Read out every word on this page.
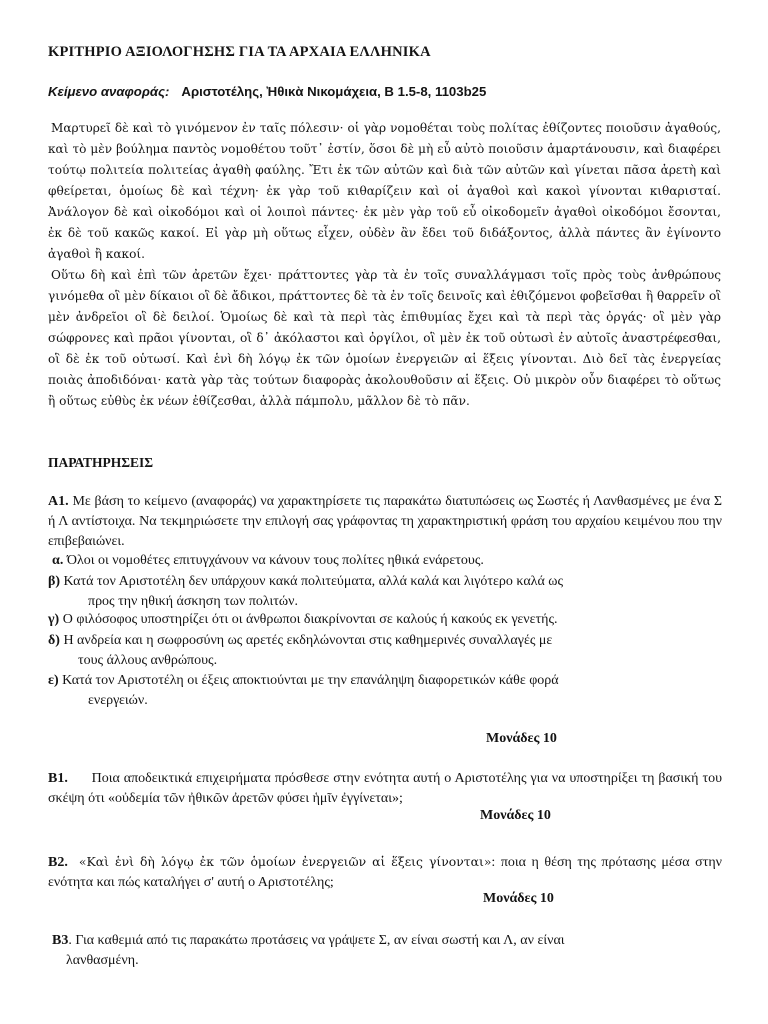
ΚΡΙΤΗΡΙΟ ΑΞΙΟΛΟΓΗΣΗΣ ΓΙΑ ΤΑ ΑΡΧΑΙΑ ΕΛΛΗΝΙΚΑ
Κείμενο αναφοράς: Αριστοτέλης, Ἠθικὰ Νικομάχεια, Β 1.5-8, 1103b25

Μαρτυρεῖ δὲ καὶ τὸ γινόμενον ἐν ταῖς πόλεσιν· οἱ γὰρ νομοθέται τοὺς πολίτας ἐθίζοντες ποιοῦσιν ἀγαθούς, καὶ τὸ μὲν βούλημα παντὸς νομοθέτου τοῦτ᾽ ἐστίν, ὅσοι δὲ μὴ εὖ αὐτὸ ποιοῦσιν ἁμαρτάνουσιν, καὶ διαφέρει τούτῳ πολιτεία πολιτείας ἀγαθὴ φαύλης. Ἔτι ἐκ τῶν αὐτῶν καὶ διὰ τῶν αὐτῶν καὶ γίνεται πᾶσα ἀρετὴ καὶ φθείρεται, ὁμοίως δὲ καὶ τέχνη· ἐκ γὰρ τοῦ κιθαρίζειν καὶ οἱ ἀγαθοὶ καὶ κακοὶ γίνονται κιθαρισταί. Ἀνάλογον δὲ καὶ οἰκοδόμοι καὶ οἱ λοιποὶ πάντες· ἐκ μὲν γὰρ τοῦ εὖ οἰκοδομεῖν ἀγαθοὶ οἰκοδόμοι ἔσονται, ἐκ δὲ τοῦ κακῶς κακοί. Εἰ γὰρ μὴ οὕτως εἶχεν, οὐδὲν ἂν ἔδει τοῦ διδάξοντος, ἀλλὰ πάντες ἂν ἐγίνοντο ἀγαθοὶ ἢ κακοί.

Οὕτω δὴ καὶ ἐπὶ τῶν ἀρετῶν ἔχει· πράττοντες γὰρ τὰ ἐν τοῖς συναλλάγμασι τοῖς πρὸς τοὺς ἀνθρώπους γινόμεθα οἳ μὲν δίκαιοι οἳ δὲ ἄδικοι, πράττοντες δὲ τὰ ἐν τοῖς δεινοῖς καὶ ἐθιζόμενοι φοβεῖσθαι ἢ θαρρεῖν οἳ μὲν ἀνδρεῖοι οἳ δὲ δειλοί. Ὁμοίως δὲ καὶ τὰ περὶ τὰς ἐπιθυμίας ἔχει καὶ τὰ περὶ τὰς ὀργάς· οἳ μὲν γὰρ σώφρονες καὶ πρᾶοι γίνονται, οἳ δ᾽ ἀκόλαστοι καὶ ὀργίλοι, οἳ μὲν ἐκ τοῦ οὑτωσὶ ἐν αὐτοῖς ἀναστρέφεσθαι, οἳ δὲ ἐκ τοῦ οὑτωσί. Καὶ ἑνὶ δὴ λόγῳ ἐκ τῶν ὁμοίων ἐνεργειῶν αἱ ἕξεις γίνονται. Διὸ δεῖ τὰς ἐνεργείας ποιὰς ἀποδιδόναι· κατὰ γὰρ τὰς τούτων διαφορὰς ἀκολουθοῦσιν αἱ ἕξεις. Οὐ μικρὸν οὖν διαφέρει τὸ οὕτως ἢ οὕτως εὐθὺς ἐκ νέων ἐθίζεσθαι, ἀλλὰ πάμπολυ, μᾶλλον δὲ τὸ πᾶν.

ΠΑΡΑΤΗΡΗΣΕΙΣ
Α1. Με βάση το κείμενο (αναφοράς) να χαρακτηρίσετε τις παρακάτω διατυπώσεις ως Σωστές ή Λανθασμένες με ένα Σ ή Λ αντίστοιχα. Να τεκμηριώσετε την επιλογή σας γράφοντας τη χαρακτηριστική φράση του αρχαίου κειμένου που την επιβεβαιώνει.
α. Όλοι οι νομοθέτες επιτυγχάνουν να κάνουν τους πολίτες ηθικά ενάρετους.
β) Κατά τον Αριστοτέλη δεν υπάρχουν κακά πολιτεύματα, αλλά καλά και λιγότερο καλά ως
προς την ηθική άσκηση των πολιτών.
γ) Ο φιλόσοφος υποστηρίζει ότι οι άνθρωποι διακρίνονται σε καλούς ή κακούς εκ γενετής.
δ) Η ανδρεία και η σωφροσύνη ως αρετές εκδηλώνονται στις καθημερινές συναλλαγές με
τους άλλους ανθρώπους.
ε) Κατά τον Αριστοτέλη οι έξεις αποκτιούνται με την επανάληψη διαφορετικών κάθε φορά
ενεργειών.
Μονάδες 10
Β1. Ποια αποδεικτικά επιχειρήματα πρόσθεσε στην ενότητα αυτή ο Αριστοτέλης για να υποστηρίξει τη βασική του σκέψη ότι «οὐδεμία τῶν ἠθικῶν ἀρετῶν φύσει ἡμῖν ἐγγίνεται»;
Μονάδες 10
Β2. «Καὶ ἑνὶ δὴ λόγῳ ἐκ τῶν ὁμοίων ἐνεργειῶν αἱ ἕξεις γίνονται»: ποια η θέση της πρότασης μέσα στην ενότητα και πώς καταλήγει σ' αυτή ο Αριστοτέλης;
Μονάδες 10
Β3. Για καθεμιά από τις παρακάτω προτάσεις να γράψετε Σ, αν είναι σωστή και Λ, αν είναι
λανθασμένη.
